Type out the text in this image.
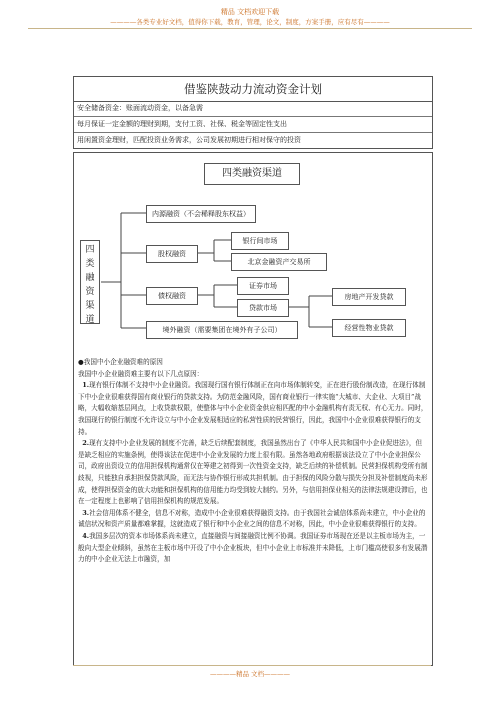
精品 文档欢迎下载
————各类专业好文档，值得你下载，教育，管理，论文，制度，方案手册，应有尽有————
借鉴陕鼓动力流动资金计划
安全储备资金：账面流动资金，以备急需
每月保证一定金额的理财到期，支付工资、社保、税金等固定性支出
用闲置资金理财，匹配投资业务需求，公司发展初期进行相对保守的投资
四类融资渠道
四
类
融
资
渠
道
内源融资（不会稀释股东权益）
股权融资
银行间市场
北京金融资产交易所
债权融资
证券市场
贷款市场
房地产开发贷款
经营性物业贷款
境外融资（需要集团在境外有子公司）

●我国中小企业融资难的原因

我国中小企业融资难主要有以下几点原因：

1.现有银行体制不支持中小企业融资。我国现行国有银行体制正在向市场体制转变，正在进行股份制改造，在现行体制下中小企业很难获得国有商业银行的贷款支持。为防范金融风险，国有商业银行一律实施“大城市、大企业、大项目”战略，大幅收缩基层网点，上收贷款权限，使整体与中小企业资金供应相匹配的中小金融机构有责无权、有心无力。同时，我国现行的银行制度不允许设立与中小企业发展相适应的私营性质的民营银行，因此，我国中小企业很难获得银行的支持。

2.现有支持中小企业发展的制度不完善，缺乏后续配套制度，我国虽然出台了《中华人民共和国中小企业促进法》，但是缺乏相应的实施条例，使得该法在促进中小企业发展的力度上很有限。虽然各地政府根据该法设立了中小企业担保公司，政府出资设立的信用担保机构通常仅在筹建之初得到一次性资金支持，缺乏后续的补偿机制。民营担保机构受所有制歧视，只能独自承担担保贷款风险，而无法与协作银行形成共担机制。由于担保的风险分散与损失分担及补偿制度尚未形成，使得担保资金的放大功能和担保机构的信用能力均受到较大制约。另外，与信用担保业相关的法律法规建设滞后，也在一定程度上也影响了信用担保机构的规范发展。

3.社会信用体系不健全，信息不对称，造成中小企业很难获得融资支持。由于我国社会诚信体系尚未建立，中小企业的诚信状况和资产质量都难掌握，这就造成了银行和中小企业之间的信息不对称，因此，中小企业很难获得银行的支持。

4.我国多层次的资本市场体系尚未建立，直接融资与间接融资比例不协调。我国证券市场现在还是以主板市场为主，一般向大型企业倾斜，虽然在主板市场中开设了中小企业板块，但中小企业上市标准并未降低，上市门槛高使很多有发展潜力的中小企业无法上市融资，加

————精品 文档————
